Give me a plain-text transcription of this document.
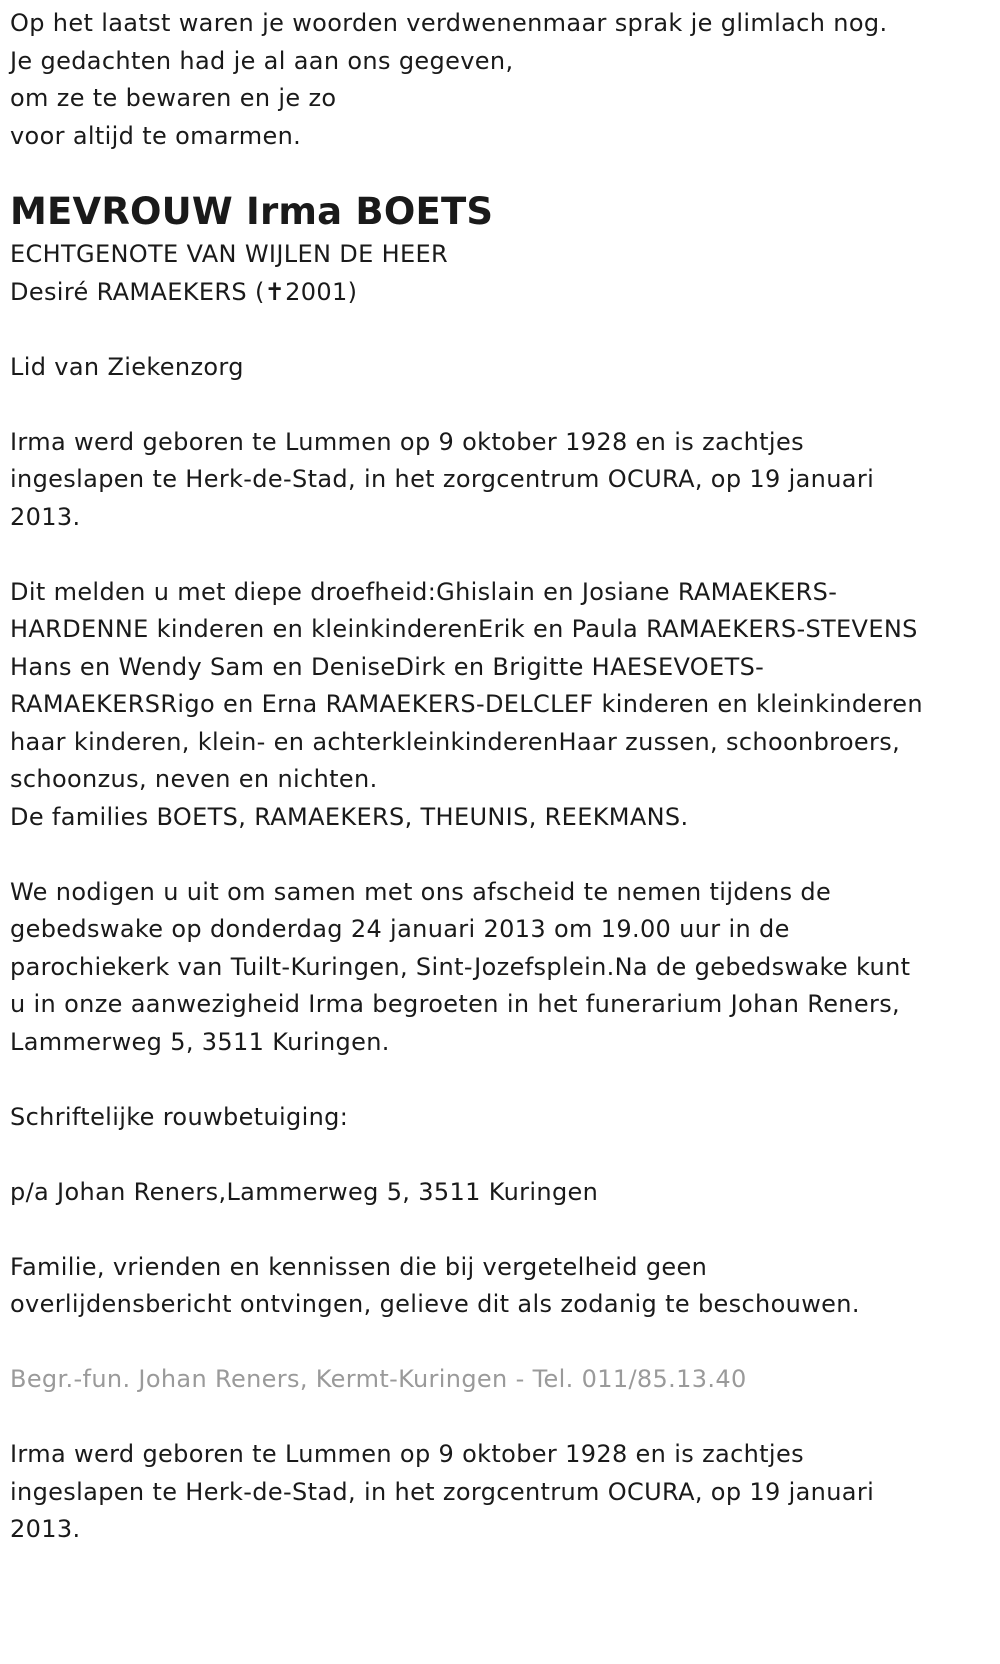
Op het laatst waren je woorden verdwenenmaar sprak je glimlach nog.

Je gedachten had je al aan ons gegeven,

om ze te bewaren en je zo

voor altijd te omarmen.

MEVROUW Irma BOETS

ECHTGENOTE VAN WIJLEN DE HEER

Desiré RAMAEKERS (✝2001)

Lid van Ziekenzorg

Irma werd geboren te Lummen op 9 oktober 1928 en is zachtjes

ingeslapen te Herk-de-Stad, in het zorgcentrum OCURA, op 19 januari

2013.

Dit melden u met diepe droefheid:Ghislain en Josiane RAMAEKERS-

HARDENNE kinderen en kleinkinderenErik en Paula RAMAEKERS-STEVENS

Hans en Wendy Sam en DeniseDirk en Brigitte HAESEVOETS-

RAMAEKERSRigo en Erna RAMAEKERS-DELCLEF kinderen en kleinkinderen

haar kinderen, klein- en achterkleinkinderenHaar zussen, schoonbroers,

schoonzus, neven en nichten.

De families BOETS, RAMAEKERS, THEUNIS, REEKMANS.

We nodigen u uit om samen met ons afscheid te nemen tijdens de

gebedswake op donderdag 24 januari 2013 om 19.00 uur in de

parochiekerk van Tuilt-Kuringen, Sint-Jozefsplein.Na de gebedswake kunt

u in onze aanwezigheid Irma begroeten in het funerarium Johan Reners,

Lammerweg 5, 3511 Kuringen.

Schriftelijke rouwbetuiging:

p/a Johan Reners,Lammerweg 5, 3511 Kuringen

Familie, vrienden en kennissen die bij vergetelheid geen

overlijdensbericht ontvingen, gelieve dit als zodanig te beschouwen.

Begr.-fun. Johan Reners, Kermt-Kuringen - Tel. 011/85.13.40

Irma werd geboren te Lummen op 9 oktober 1928 en is zachtjes

ingeslapen te Herk-de-Stad, in het zorgcentrum OCURA, op 19 januari

2013.
